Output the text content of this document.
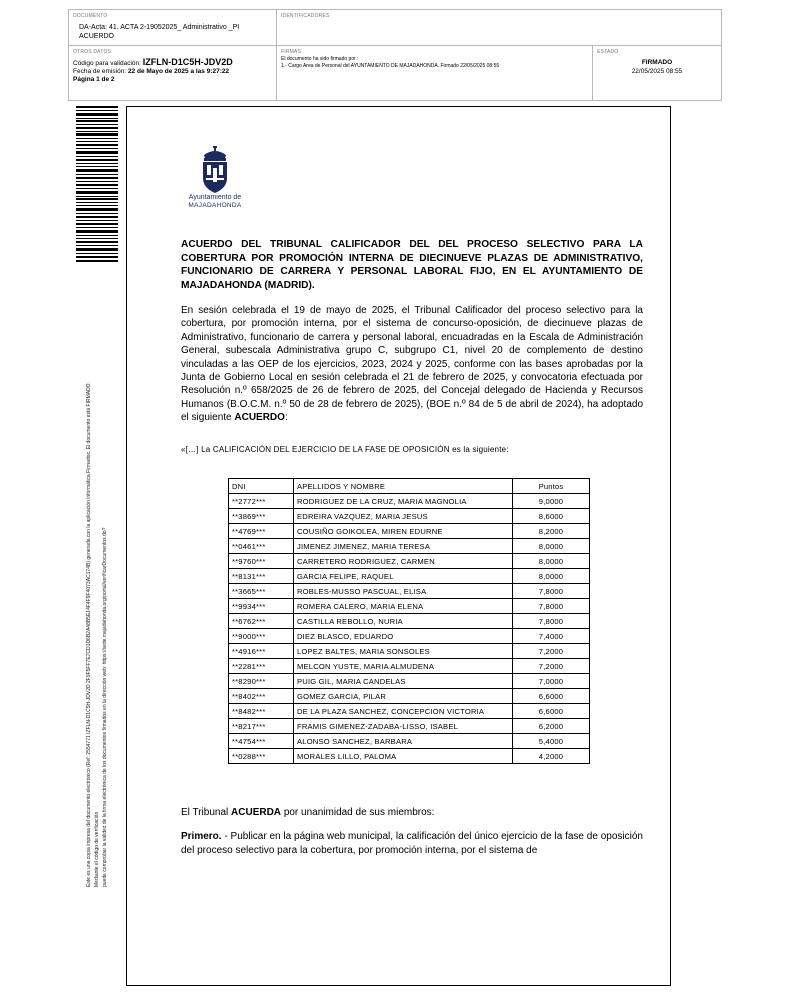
DOCUMENTO
DA-Acta: 41. ACTA 2-19052025_ Administrativo _PI ACUERDO
IDENTIFICADORES
OTROS DATOS
Código para validación: IZFLN-D1C5H-JDV2D
Fecha de emisión: 22 de Mayo de 2025 a las 9:27:22
Página 1 de 2
FIRMAS
El documento ha sido firmado por :
1.- Cargo Area de Personal del AYUNTAMIENTO DE MAJADAHONDA. Firmado 22/05/2025 08:55
ESTADO
FIRMADO
22/05/2025 08:55
Este es una copia impresa del documento electrónico (Ref: 2554771 IZFLN-D1C5H-JDV2D 2F9F5FF7E7CD1D6B2A48B5E14F4F9F4073AC174B) generada con la aplicación informática Firmadoc. El documento está FIRMADO. Mediante el código de verificación puede comprobar la validez de la firma electrónica de los documentos firmados en la dirección web: https://sede.majadahonda.org/portal/verificarDocumentos.do?
Ayuntamiento de
MAJADAHONDA
ACUERDO DEL TRIBUNAL CALIFICADOR DEL DEL PROCESO SELECTIVO PARA LA COBERTURA POR PROMOCIÓN INTERNA DE DIECINUEVE PLAZAS DE ADMINISTRATIVO, FUNCIONARIO DE CARRERA Y PERSONAL LABORAL FIJO, EN EL AYUNTAMIENTO DE MAJADAHONDA (MADRID).
En sesión celebrada el 19 de mayo de 2025, el Tribunal Calificador del proceso selectivo para la cobertura, por promoción interna, por el sistema de concurso-oposición, de diecinueve plazas de Administrativo, funcionario de carrera y personal laboral, encuadradas en la Escala de Administración General, subescala Administrativa grupo C, subgrupo C1, nivel 20 de complemento de destino vinculadas a las OEP de los ejercicios, 2023, 2024 y 2025, conforme con las bases aprobadas por la Junta de Gobierno Local en sesión celebrada el 21 de febrero de 2025, y convocatoria efectuada por Resolución n.º 658/2025 de 26 de febrero de 2025, del Concejal delegado de Hacienda y Recursos Humanos (B.O.C.M. n.º 50 de 28 de febrero de 2025), (BOE n.º 84 de 5 de abril de 2024), ha adoptado el siguiente ACUERDO:
«[…] La CALIFICACIÓN DEL EJERCICIO DE LA FASE DE OPOSICIÓN es la siguiente:
DNI	APELLIDOS Y NOMBRE	Puntos
**2772***	RODRIGUEZ DE LA CRUZ, MARIA MAGNOLIA	9,0000
**3869***	EDREIRA VAZQUEZ, MARIA JESUS	8,6000
**4769***	COUSIÑO GOIKOLEA, MIREN EDURNE	8,2000
**0461***	JIMENEZ JIMENEZ, MARIA TERESA	8,0000
**9760***	CARRETERO RODRIGUEZ, CARMEN	8,0000
**8131***	GARCIA FELIPE, RAQUEL	8,0000
**3665***	ROBLES-MUSSO PASCUAL, ELISA	7,8000
**9934***	ROMERA CALERO, MARIA ELENA	7,8000
**6762***	CASTILLA REBOLLO, NURIA	7,8000
**9000***	DIEZ BLASCO, EDUARDO	7,4000
**4916***	LOPEZ BALTES, MARIA SONSOLES	7,2000
**2281***	MELCON YUSTE, MARIA ALMUDENA	7,2000
**8290***	PUIG GIL, MARIA CANDELAS	7,0000
**8402***	GOMEZ GARCIA, PILAR	6,6000
**8482***	DE LA PLAZA SANCHEZ, CONCEPCION VICTORIA	6,6000
**8217***	FRAMIS GIMENEZ-ZADABA-LISSO, ISABEL	6,2000
**4754***	ALONSO SANCHEZ, BARBARA	5,4000
**0288***	MORALES LILLO, PALOMA	4,2000
El Tribunal ACUERDA por unanimidad de sus miembros:
Primero. - Publicar en la página web municipal, la calificación del único ejercicio de la fase de oposición del proceso selectivo para la cobertura, por promoción interna, por el sistema de
